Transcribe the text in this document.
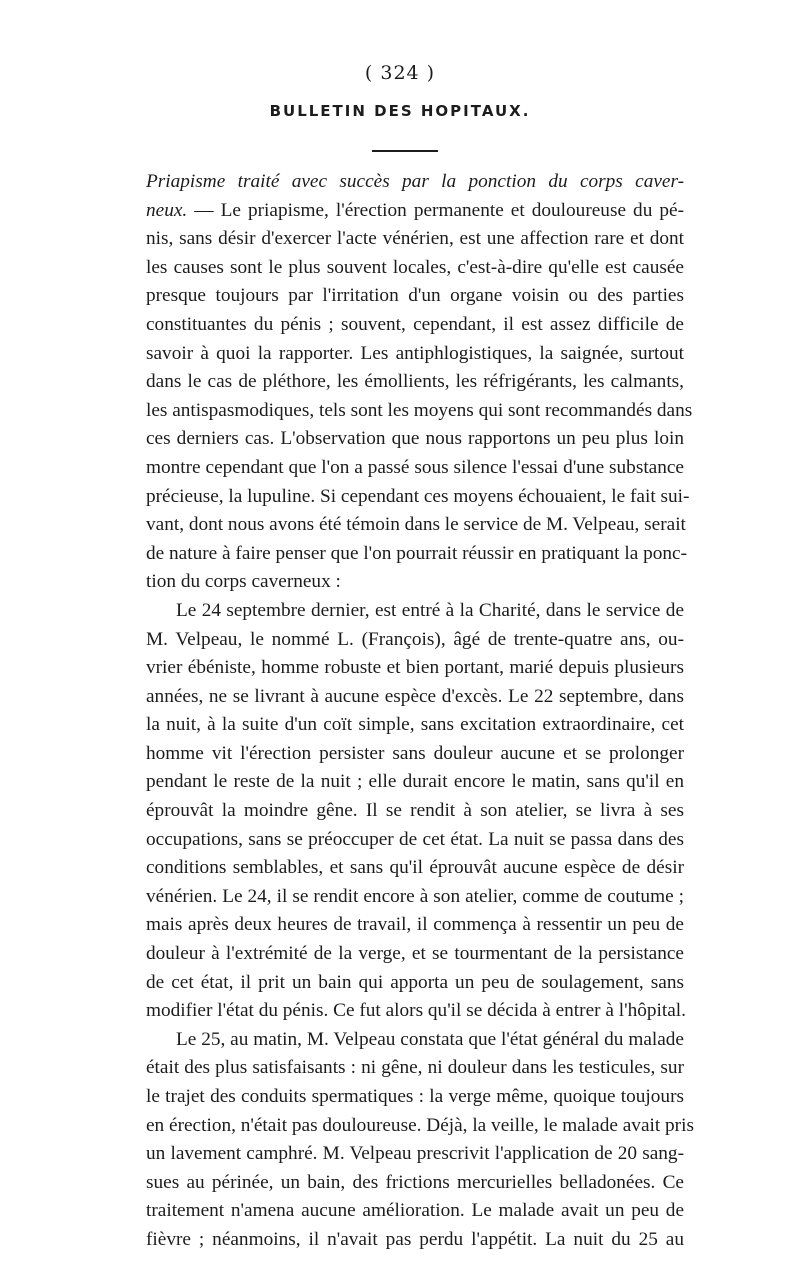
( 324 )
BULLETIN DES HOPITAUX.
Priapisme traité avec succès par la ponction du corps caver-
neux. — Le priapisme, l'érection permanente et douloureuse du pé-
nis, sans désir d'exercer l'acte vénérien, est une affection rare et dont
les causes sont le plus souvent locales, c'est-à-dire qu'elle est causée
presque toujours par l'irritation d'un organe voisin ou des parties
constituantes du pénis ; souvent, cependant, il est assez difficile de
savoir à quoi la rapporter. Les antiphlogistiques, la saignée, surtout
dans le cas de pléthore, les émollients, les réfrigérants, les calmants,
les antispasmodiques, tels sont les moyens qui sont recommandés dans
ces derniers cas. L'observation que nous rapportons un peu plus loin
montre cependant que l'on a passé sous silence l'essai d'une substance
précieuse, la lupuline. Si cependant ces moyens échouaient, le fait sui-
vant, dont nous avons été témoin dans le service de M. Velpeau, serait
de nature à faire penser que l'on pourrait réussir en pratiquant la ponc-
tion du corps caverneux :
Le 24 septembre dernier, est entré à la Charité, dans le service de
M. Velpeau, le nommé L. (François), âgé de trente-quatre ans, ou-
vrier ébéniste, homme robuste et bien portant, marié depuis plusieurs
années, ne se livrant à aucune espèce d'excès. Le 22 septembre, dans
la nuit, à la suite d'un coït simple, sans excitation extraordinaire, cet
homme vit l'érection persister sans douleur aucune et se prolonger
pendant le reste de la nuit ; elle durait encore le matin, sans qu'il en
éprouvât la moindre gêne. Il se rendit à son atelier, se livra à ses
occupations, sans se préoccuper de cet état. La nuit se passa dans des
conditions semblables, et sans qu'il éprouvât aucune espèce de désir
vénérien. Le 24, il se rendit encore à son atelier, comme de coutume ;
mais après deux heures de travail, il commença à ressentir un peu de
douleur à l'extrémité de la verge, et se tourmentant de la persistance
de cet état, il prit un bain qui apporta un peu de soulagement, sans
modifier l'état du pénis. Ce fut alors qu'il se décida à entrer à l'hôpital.
Le 25, au matin, M. Velpeau constata que l'état général du malade
était des plus satisfaisants : ni gêne, ni douleur dans les testicules, sur
le trajet des conduits spermatiques : la verge même, quoique toujours
en érection, n'était pas douloureuse. Déjà, la veille, le malade avait pris
un lavement camphré. M. Velpeau prescrivit l'application de 20 sang-
sues au périnée, un bain, des frictions mercurielles belladonées. Ce
traitement n'amena aucune amélioration. Le malade avait un peu de
fièvre ; néanmoins, il n'avait pas perdu l'appétit. La nuit du 25 au
